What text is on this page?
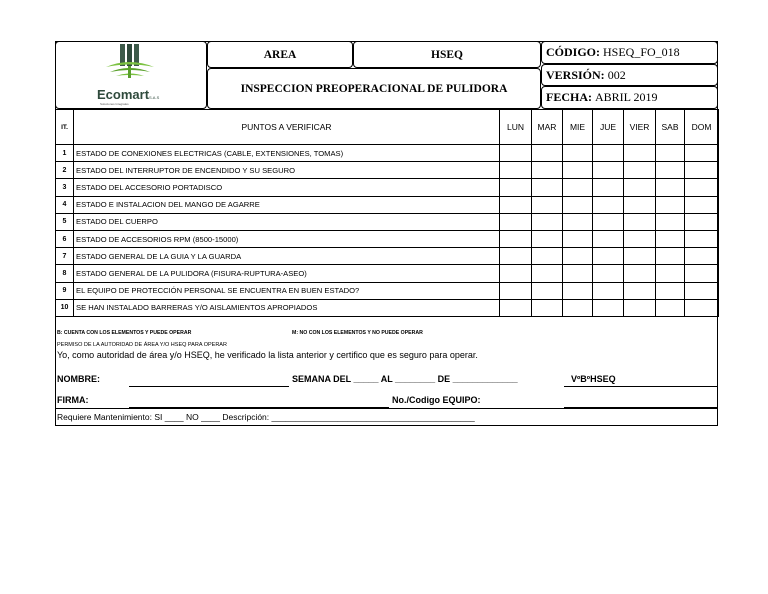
EcomartS.A.S
Soluciones Integrales
AREA	HSEQ
INSPECCION PREOPERACIONAL DE PULIDORA
CÓDIGO:
HSEQ_FO_018
VERSIÓN:
002
FECHA:
ABRIL 2019
IT.	PUNTOS A VERIFICAR	LUN	MAR	MIE	JUE	VIER	SAB	DOM
1	ESTADO DE CONEXIONES ELECTRICAS (CABLE, EXTENSIONES, TOMAS)							
2	ESTADO DEL INTERRUPTOR DE ENCENDIDO Y SU SEGURO							
3	ESTADO DEL ACCESORIO PORTADISCO							
4	ESTADO E INSTALACION DEL MANGO DE AGARRE							
5	ESTADO DEL CUERPO							
6	ESTADO DE ACCESORIOS RPM (8500-15000)							
7	ESTADO GENERAL DE LA GUIA Y LA GUARDA							
8	ESTADO GENERAL DE LA PULIDORA (FISURA-RUPTURA-ASEO)							
9	EL EQUIPO DE PROTECCIÓN PERSONAL SE ENCUENTRA EN BUEN ESTADO?							
10	SE HAN INSTALADO BARRERAS Y/O AISLAMIENTOS APROPIADOS							
B: CUENTA CON LOS ELEMENTOS Y PUEDE OPERAR	M: NO CON LOS ELEMENTOS Y NO PUEDE OPERAR
PERMISO DE LA AUTORIDAD DE ÁREA Y/O HSEQ PARA OPERAR
Yo, como autoridad de área y/o HSEQ, he verificado la lista anterior y certifico que es seguro para operar.
NOMBRE:	SEMANA DEL _____ AL ________ DE _____________	VºBºHSEQ
FIRMA:	No./Codigo EQUIPO:
Requiere Mantenimiento: SI ____ NO ____ Descripción: ___________________________________________
